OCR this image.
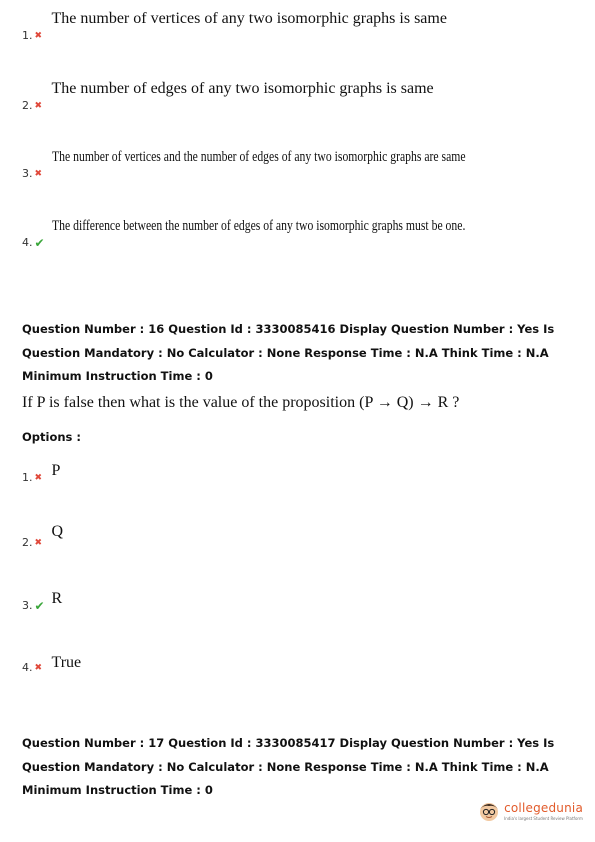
1. ✖
The number of vertices of any two isomorphic graphs is same
2. ✖
The number of edges of any two isomorphic graphs is same
3. ✖
The number of vertices and the number of edges of any two isomorphic graphs are same
4. ✔
The difference between the number of edges of any two isomorphic graphs must be one.
Question Number : 16 Question Id : 3330085416 Display Question Number : Yes Is Question Mandatory : No Calculator : None Response Time : N.A Think Time : N.A Minimum Instruction Time : 0
If P is false then what is the value of the proposition (P → Q) → R ?
Options :
1. ✖ P
2. ✖
Q
3. ✔ R
4. ✖ True
Question Number : 17 Question Id : 3330085417 Display Question Number : Yes Is Question Mandatory : No Calculator : None Response Time : N.A Think Time : N.A Minimum Instruction Time : 0
collegedunia
India's largest Student Review Platform
